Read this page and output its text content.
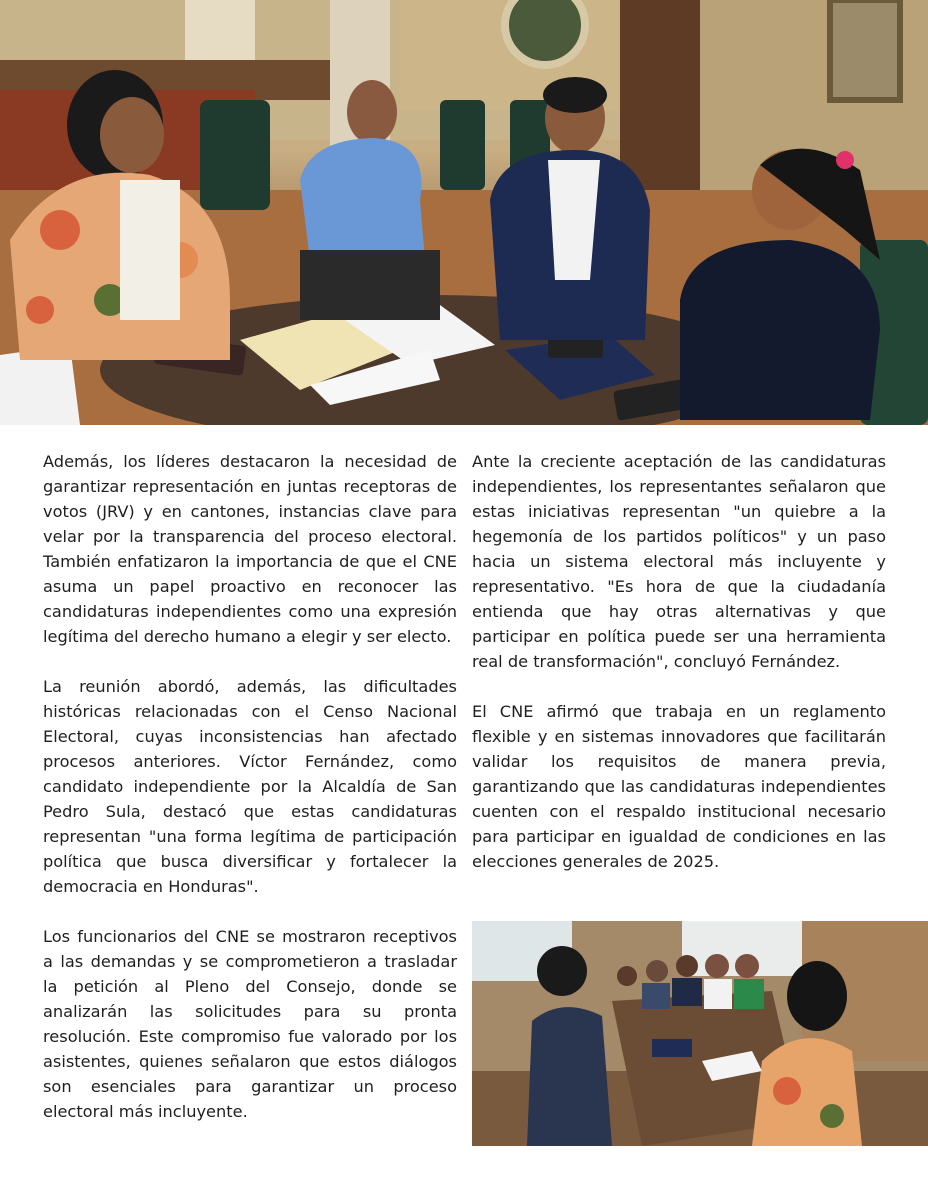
Además, los líderes destacaron la necesidad de garantizar representación en juntas receptoras de votos (JRV) y en cantones, instancias clave para velar por la transparencia del proceso electoral. También enfatizaron la importancia de que el CNE asuma un papel proactivo en reconocer las candidaturas independientes como una expresión legítima del derecho humano a elegir y ser electo.

La reunión abordó, además, las dificultades históricas relacionadas con el Censo Nacional Electoral, cuyas inconsistencias han afectado procesos anteriores. Víctor Fernández, como candidato independiente por la Alcaldía de San Pedro Sula, destacó que estas candidaturas representan "una forma legítima de participación política que busca diversificar y fortalecer la democracia en Honduras".

Los funcionarios del CNE se mostraron receptivos a las demandas y se comprometieron a trasladar la petición al Pleno del Consejo, donde se analizarán las solicitudes para su pronta resolución. Este compromiso fue valorado por los asistentes, quienes señalaron que estos diálogos son esenciales para garantizar un proceso electoral más incluyente.

Ante la creciente aceptación de las candidaturas independientes, los representantes señalaron que estas iniciativas representan "un quiebre a la hegemonía de los partidos políticos" y un paso hacia un sistema electoral más incluyente y representativo. "Es hora de que la ciudadanía entienda que hay otras alternativas y que participar en política puede ser una herramienta real de transformación", concluyó Fernández.

El CNE afirmó que trabaja en un reglamento flexible y en sistemas innovadores que facilitarán validar los requisitos de manera previa, garantizando que las candidaturas independientes cuenten con el respaldo institucional necesario para participar en igualdad de condiciones en las elecciones generales de 2025.
